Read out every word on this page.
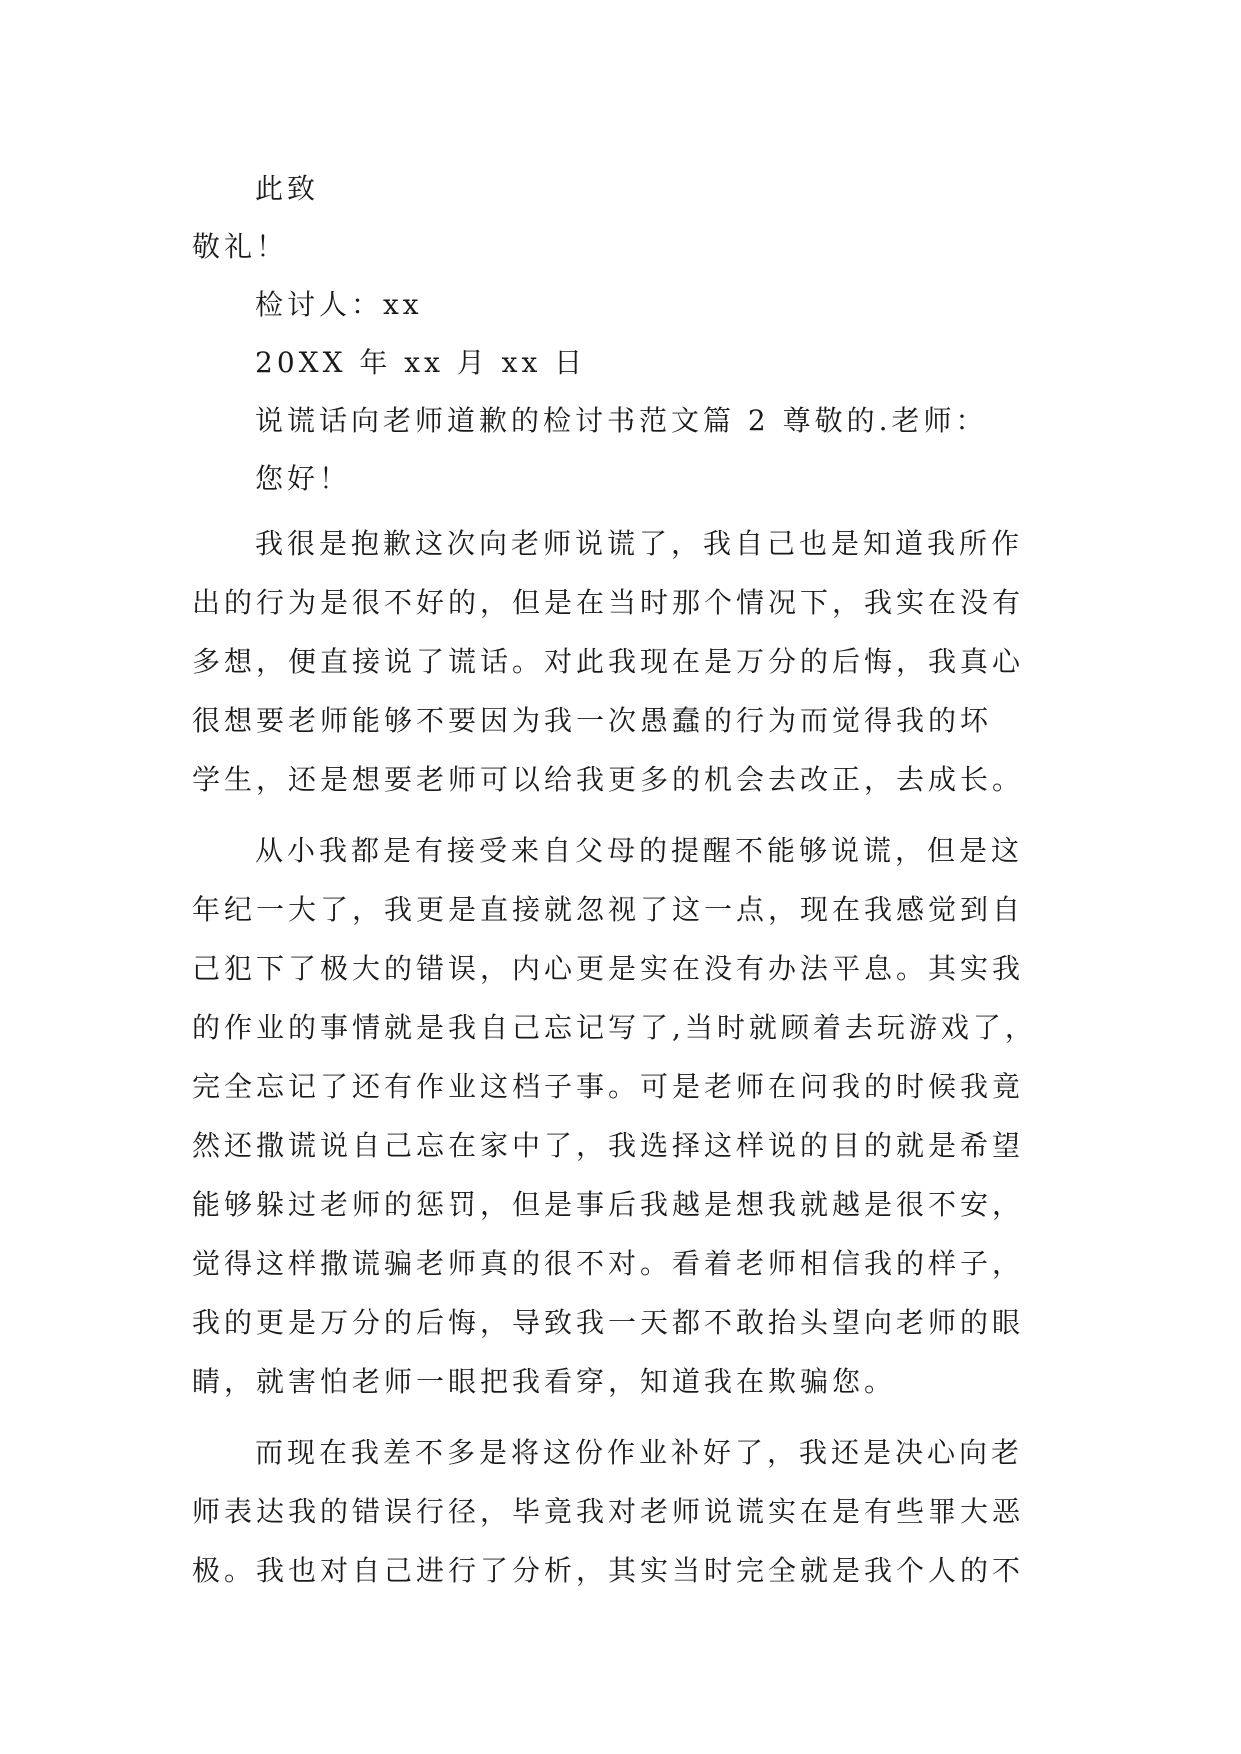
此致
敬礼！
检讨人：xx
20XX 年 xx 月 xx 日
说谎话向老师道歉的检讨书范文篇 2 尊敬的.老师：
您好！
我很是抱歉这次向老师说谎了，我自己也是知道我所作
出的行为是很不好的，但是在当时那个情况下，我实在没有
多想，便直接说了谎话。对此我现在是万分的后悔，我真心
很想要老师能够不要因为我一次愚蠢的行为而觉得我的坏
学生，还是想要老师可以给我更多的机会去改正，去成长。
从小我都是有接受来自父母的提醒不能够说谎，但是这
年纪一大了，我更是直接就忽视了这一点，现在我感觉到自
己犯下了极大的错误，内心更是实在没有办法平息。其实我
的作业的事情就是我自己忘记写了,当时就顾着去玩游戏了，
完全忘记了还有作业这档子事。可是老师在问我的时候我竟
然还撒谎说自己忘在家中了，我选择这样说的目的就是希望
能够躲过老师的惩罚，但是事后我越是想我就越是很不安，
觉得这样撒谎骗老师真的很不对。看着老师相信我的样子，
我的更是万分的后悔，导致我一天都不敢抬头望向老师的眼
睛，就害怕老师一眼把我看穿，知道我在欺骗您。
而现在我差不多是将这份作业补好了，我还是决心向老
师表达我的错误行径，毕竟我对老师说谎实在是有些罪大恶
极。我也对自己进行了分析，其实当时完全就是我个人的不
